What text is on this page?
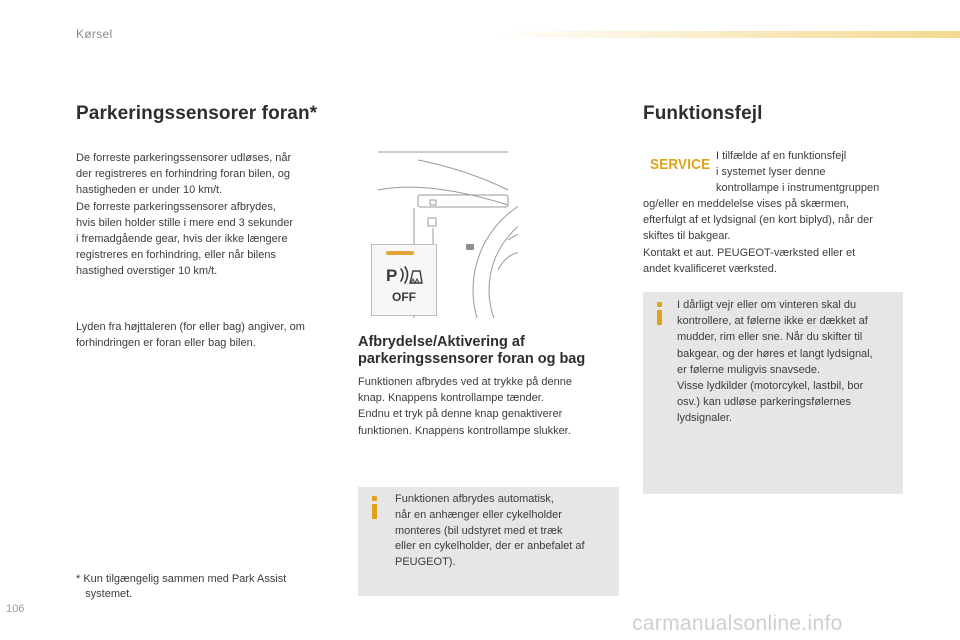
Kørsel
Parkeringssensorer foran*
De forreste parkeringssensorer udløses, når
der registreres en forhindring foran bilen, og
hastigheden er under 10 km/t.
De forreste parkeringssensorer afbrydes,
hvis bilen holder stille i mere end 3 sekunder
i fremadgående gear, hvis der ikke længere
registreres en forhindring, eller når bilens
hastighed overstiger 10 km/t.
Lyden fra højttaleren (for eller bag) angiver, om
forhindringen er foran eller bag bilen.
* Kun tilgængelig sammen med Park Assist
systemet.
P
OFF
Afbrydelse/Aktivering af
parkeringssensorer foran og bag
Funktionen afbrydes ved at trykke på denne
knap. Knappens kontrollampe tænder.
Endnu et tryk på denne knap genaktiverer
funktionen. Knappens kontrollampe slukker.
Funktionen afbrydes automatisk,
når en anhænger eller cykelholder
monteres (bil udstyret med et træk
eller en cykelholder, der er anbefalet af
PEUGEOT).
Funktionsfejl
SERVICE I tilfælde af en funktionsfejl
i systemet lyser denne
kontrollampe i instrumentgruppen
og/eller en meddelelse vises på skærmen,
efterfulgt af et lydsignal (en kort biplyd), når der
skiftes til bakgear.
Kontakt et aut. PEUGEOT-værksted eller et
andet kvalificeret værksted.
I dårligt vejr eller om vinteren skal du
kontrollere, at følerne ikke er dækket af
mudder, rim eller sne. Når du skifter til
bakgear, og der høres et langt lydsignal,
er følerne muligvis snavsede.
Visse lydkilder (motorcykel, lastbil, bor
osv.) kan udløse parkeringsfølernes
lydsignaler.
106
carmanualsonline.info
